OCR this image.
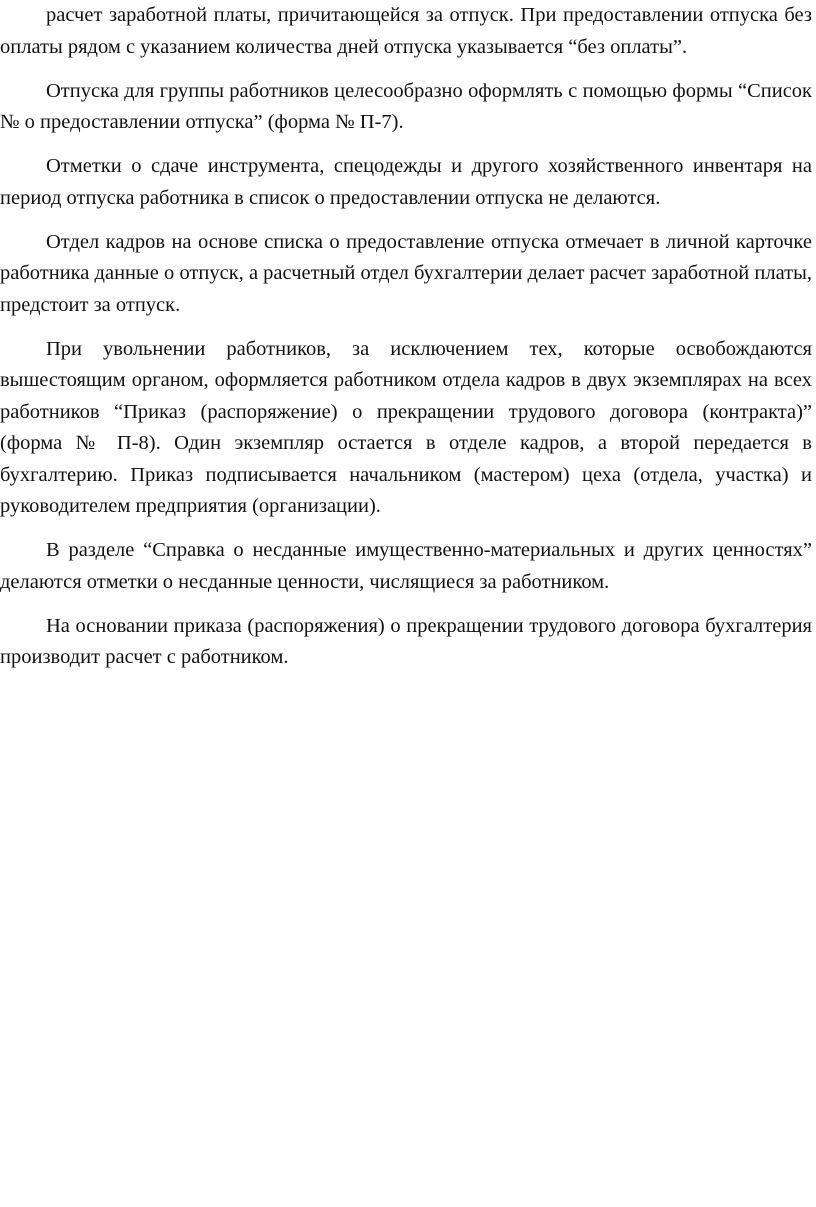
расчет заработной платы, причитающейся за отпуск. При предоставлении отпуска без оплаты рядом с указанием количества дней отпуска указывается “без оплаты”.

Отпуска для группы работников целесообразно оформлять с помощью формы “Список № о предоставлении отпуска” (форма № П-7).

Отметки о сдаче инструмента, спецодежды и другого хозяйственного инвентаря на период отпуска работника в список о предоставлении отпуска не делаются.

Отдел кадров на основе списка о предоставление отпуска отмечает в личной карточке работника данные о отпуск, а расчетный отдел бухгалтерии делает расчет заработной платы, предстоит за отпуск.

При увольнении работников, за исключением тех, которые освобождаются вышестоящим органом, оформляется работником отдела кадров в двух экземплярах на всех работников “Приказ (распоряжение) о прекращении трудового договора (контракта)” (форма № П-8). Один экземпляр остается в отделе кадров, а второй передается в бухгалтерию. Приказ подписывается начальником (мастером) цеха (отдела, участка) и руководителем предприятия (организации).

В разделе “Справка о несданные имущественно-материальных и других ценностях” делаются отметки о несданные ценности, числящиеся за работником.

На основании приказа (распоряжения) о прекращении трудового договора бухгалтерия производит расчет с работником.
